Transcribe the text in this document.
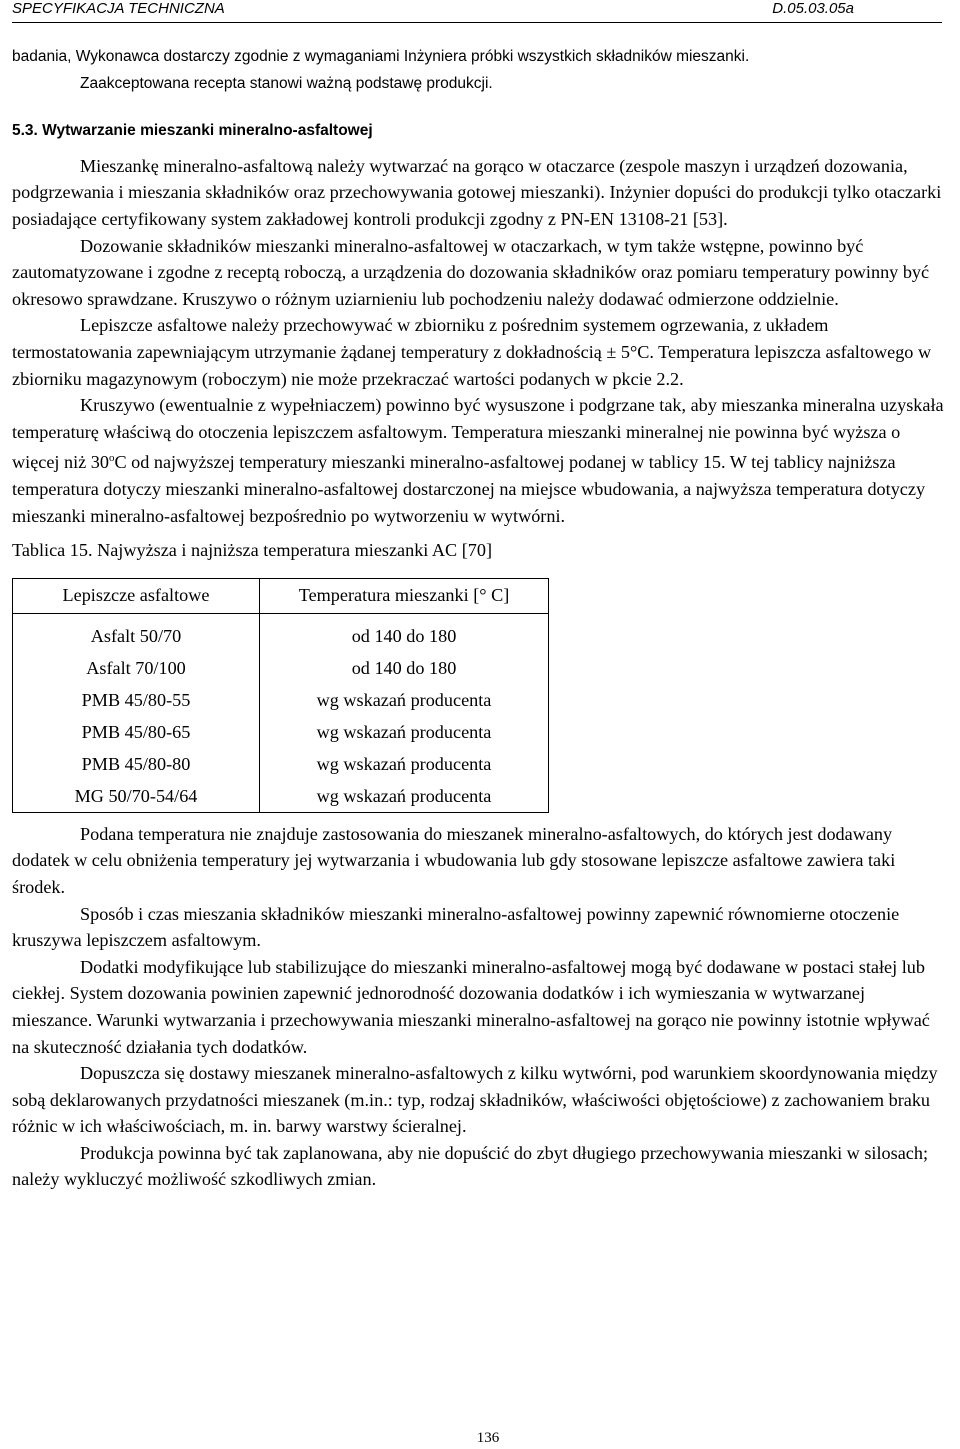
SPECYFIKACJA TECHNICZNA	D.05.03.05a

badania, Wykonawca dostarczy zgodnie z wymaganiami Inżyniera próbki wszystkich składników mieszanki.

Zaakceptowana recepta stanowi ważną podstawę produkcji.

5.3. Wytwarzanie mieszanki mineralno-asfaltowej

Mieszankę mineralno-asfaltową należy wytwarzać na gorąco w otaczarce (zespole maszyn i urządzeń dozowania, podgrzewania i mieszania składników oraz przechowywania gotowej mieszanki). Inżynier dopuści do produkcji tylko otaczarki posiadające certyfikowany system zakładowej kontroli produkcji zgodny z PN-EN 13108-21 [53].

Dozowanie składników mieszanki mineralno-asfaltowej w otaczarkach, w tym także wstępne, powinno być zautomatyzowane i zgodne z receptą roboczą, a urządzenia do dozowania składników oraz pomiaru temperatury powinny być okresowo sprawdzane. Kruszywo o różnym uziarnieniu lub pochodzeniu należy dodawać odmierzone oddzielnie.

Lepiszcze asfaltowe należy przechowywać w zbiorniku z pośrednim systemem ogrzewania, z układem termostatowania zapewniającym utrzymanie żądanej temperatury z dokładnością ± 5°C. Temperatura lepiszcza asfaltowego w zbiorniku magazynowym (roboczym) nie może przekraczać wartości podanych w pkcie 2.2.

Kruszywo (ewentualnie z wypełniaczem) powinno być wysuszone i podgrzane tak, aby mieszanka mineralna uzyskała temperaturę właściwą do otoczenia lepiszczem asfaltowym. Temperatura mieszanki mineralnej nie powinna być wyższa o więcej niż 30$^o$C od najwyższej temperatury mieszanki mineralno-asfaltowej podanej w tablicy 15. W tej tablicy najniższa temperatura dotyczy mieszanki mineralno-asfaltowej dostarczonej na miejsce wbudowania, a najwyższa temperatura dotyczy mieszanki mineralno-asfaltowej bezpośrednio po wytworzeniu w wytwórni.

Tablica 15. Najwyższa i najniższa temperatura mieszanki AC [70]

Lepiszcze asfaltowe	Temperatura mieszanki [° C]
Asfalt 50/70	od 140 do 180
Asfalt 70/100	od 140 do 180
PMB 45/80-55	wg wskazań producenta
PMB 45/80-65	wg wskazań producenta
PMB 45/80-80	wg wskazań producenta
MG 50/70-54/64	wg wskazań producenta

Podana temperatura nie znajduje zastosowania do mieszanek mineralno-asfaltowych, do których jest dodawany dodatek w celu obniżenia temperatury jej wytwarzania i wbudowania lub gdy stosowane lepiszcze asfaltowe zawiera taki środek.

Sposób i czas mieszania składników mieszanki mineralno-asfaltowej powinny zapewnić równomierne otoczenie kruszywa lepiszczem asfaltowym.

Dodatki modyfikujące lub stabilizujące do mieszanki mineralno-asfaltowej mogą być dodawane w postaci stałej lub ciekłej. System dozowania powinien zapewnić jednorodność dozowania dodatków i ich wymieszania w wytwarzanej mieszance. Warunki wytwarzania i przechowywania mieszanki mineralno-asfaltowej na gorąco nie powinny istotnie wpływać na skuteczność działania tych dodatków.

Dopuszcza się dostawy mieszanek mineralno-asfaltowych z kilku wytwórni, pod warunkiem skoordynowania między sobą deklarowanych przydatności mieszanek (m.in.: typ, rodzaj składników, właściwości objętościowe) z zachowaniem braku różnic w ich właściwościach, m. in. barwy warstwy ścieralnej.

Produkcja powinna być tak zaplanowana, aby nie dopuścić do zbyt długiego przechowywania mieszanki w silosach; należy wykluczyć możliwość szkodliwych zmian.

136
